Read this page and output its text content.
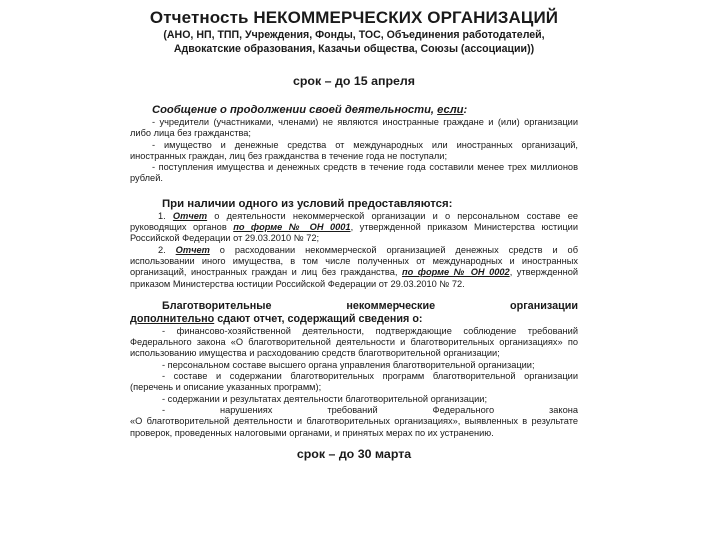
Отчетность НЕКОММЕРЧЕСКИХ ОРГАНИЗАЦИЙ

(АНО, НП, ТПП, Учреждения, Фонды, ТОС, Объединения работодателей,

Адвокатские образования, Казачьи общества, Союзы (ассоциации))

срок – до 15 апреля

Сообщение о продолжении своей деятельности, если:

- учредители (участниками, членами) не являются иностранные граждане и (или) организации либо лица без гражданства;

- имущество и денежные средства от международных или иностранных организаций, иностранных граждан, лиц без гражданства в течение года не поступали;

- поступления имущества и денежных средств в течение года составили менее трех миллионов рублей.

При наличии одного из условий предоставляются:

1. Отчет о деятельности некоммерческой организации и о персональном составе ее руководящих органов по форме № ОН 0001, утвержденной приказом Министерства юстиции Российской Федерации от 29.03.2010 № 72;

2. Отчет о расходовании некоммерческой организацией денежных средств и об использовании иного имущества, в том числе полученных от международных и иностранных организаций, иностранных граждан и лиц без гражданства, по форме № ОН 0002, утвержденной приказом Министерства юстиции Российской Федерации от 29.03.2010 № 72.

Благотворительные	некоммерческие	организации

дополнительно сдают отчет, содержащий сведения о:

- финансово-хозяйственной деятельности, подтверждающие соблюдение требований Федерального закона «О благотворительной деятельности и благотворительных организациях» по использованию имущества и расходованию средств благотворительной организации;

- персональном составе высшего органа управления благотворительной организации;

- составе и содержании благотворительных программ благотворительной организации (перечень и описание указанных программ);

- содержании и результатах деятельности благотворительной организации;

-	нарушениях	требований	Федерального	закона

«О благотворительной деятельности и благотворительных организациях», выявленных в результате проверок, проведенных налоговыми органами, и принятых мерах по их устранению.

срок – до 30 марта
